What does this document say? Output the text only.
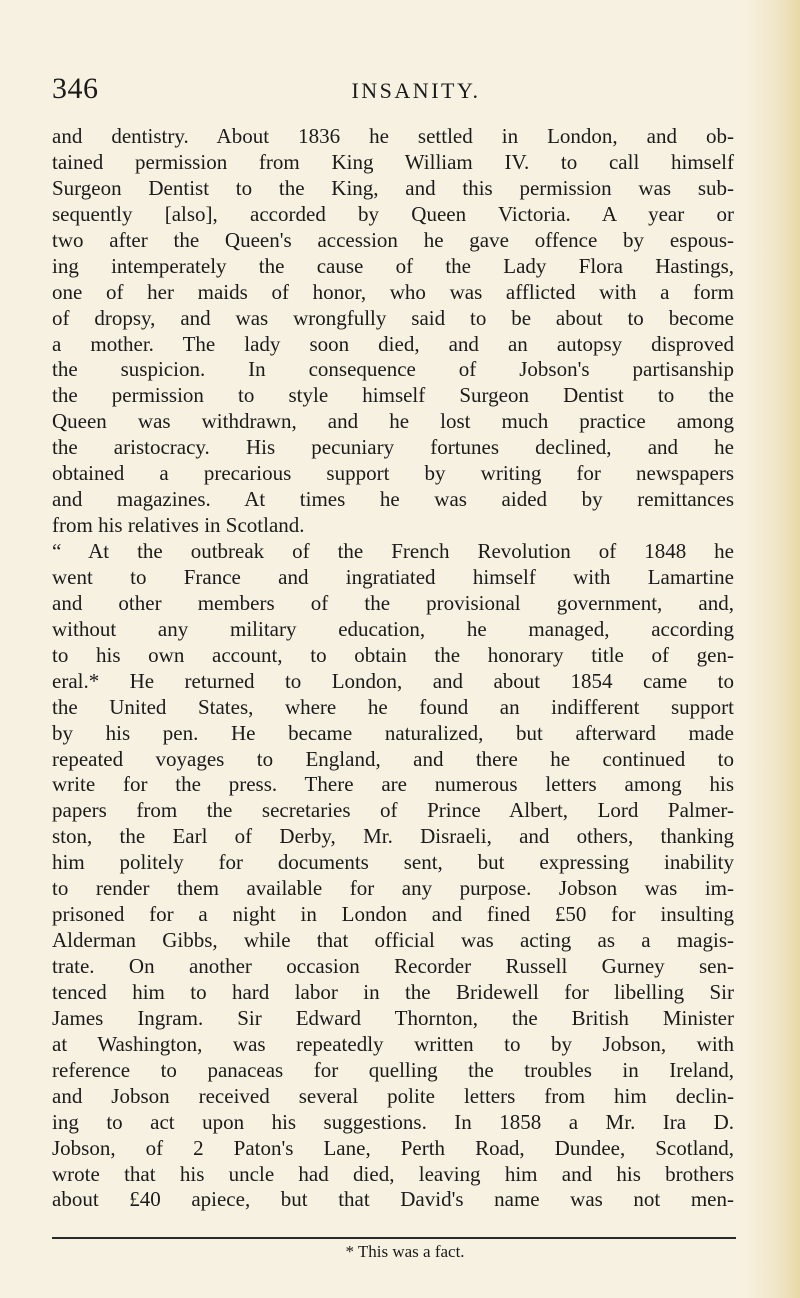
346	INSANITY.
and dentistry. About 1836 he settled in London, and ob-
tained permission from King William IV. to call himself
Surgeon Dentist to the King, and this permission was sub-
sequently [also], accorded by Queen Victoria. A year or
two after the Queen's accession he gave offence by espous-
ing intemperately the cause of the Lady Flora Hastings,
one of her maids of honor, who was afflicted with a form
of dropsy, and was wrongfully said to be about to become
a mother. The lady soon died, and an autopsy disproved
the suspicion. In consequence of Jobson's partisanship
the permission to style himself Surgeon Dentist to the
Queen was withdrawn, and he lost much practice among
the aristocracy. His pecuniary fortunes declined, and he
obtained a precarious support by writing for newspapers
and magazines. At times he was aided by remittances
from his relatives in Scotland.
“ At the outbreak of the French Revolution of 1848 he
went to France and ingratiated himself with Lamartine
and other members of the provisional government, and,
without any military education, he managed, according
to his own account, to obtain the honorary title of gen-
eral.* He returned to London, and about 1854 came to
the United States, where he found an indifferent support
by his pen. He became naturalized, but afterward made
repeated voyages to England, and there he continued to
write for the press. There are numerous letters among his
papers from the secretaries of Prince Albert, Lord Palmer-
ston, the Earl of Derby, Mr. Disraeli, and others, thanking
him politely for documents sent, but expressing inability
to render them available for any purpose. Jobson was im-
prisoned for a night in London and fined £50 for insulting
Alderman Gibbs, while that official was acting as a magis-
trate. On another occasion Recorder Russell Gurney sen-
tenced him to hard labor in the Bridewell for libelling Sir
James Ingram. Sir Edward Thornton, the British Minister
at Washington, was repeatedly written to by Jobson, with
reference to panaceas for quelling the troubles in Ireland,
and Jobson received several polite letters from him declin-
ing to act upon his suggestions. In 1858 a Mr. Ira D.
Jobson, of 2 Paton's Lane, Perth Road, Dundee, Scotland,
wrote that his uncle had died, leaving him and his brothers
about £40 apiece, but that David's name was not men-
* This was a fact.
